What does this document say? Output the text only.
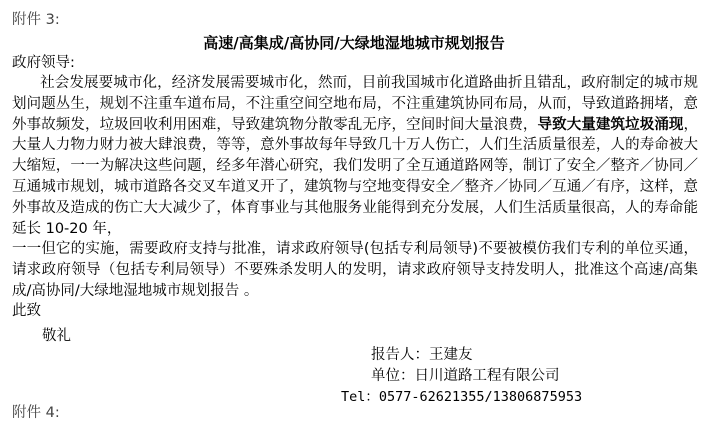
附件 3:
高速/高集成/高协同/大绿地湿地城市规划报告
政府领导:
社会发展要城市化，经济发展需要城市化，然而，目前我国城市化道路曲折且错乱，政府制定的城市规划问题丛生，规划不注重车道布局，不注重空间空地布局，不注重建筑协同布局，从而，导致道路拥堵，意外事故频发，垃圾回收利用困难，导致建筑物分散零乱无序，空间时间大量浪费，导致大量建筑垃圾涌现，大量人力物力财力被大肆浪费，等等，意外事故每年导致几十万人伤亡，人们生活质量很差，人的寿命被大大缩短，一一为解决这些问题，经多年潜心研究，我们发明了全互通道路网等，制订了安全／整齐／协同／互通城市规划，城市道路各交叉车道叉开了，建筑物与空地变得安全／整齐／协同／互通／有序，这样，意外事故及造成的伤亡大大减少了，体育事业与其他服务业能得到充分发展，人们生活质量很高，人的寿命能延长 10-20 年，
一一但它的实施，需要政府支持与批准，请求政府领导(包括专利局领导)不要被模仿我们专利的单位买通，请求政府领导（包括专利局领导）不要殊杀发明人的发明，请求政府领导支持发明人，批准这个高速/高集成/高协同/大绿地湿地城市规划报告 。
此致
敬礼
报告人：王建友
单位：日川道路工程有限公司
Tel：0577-62621355/13806875953
附件 4:
